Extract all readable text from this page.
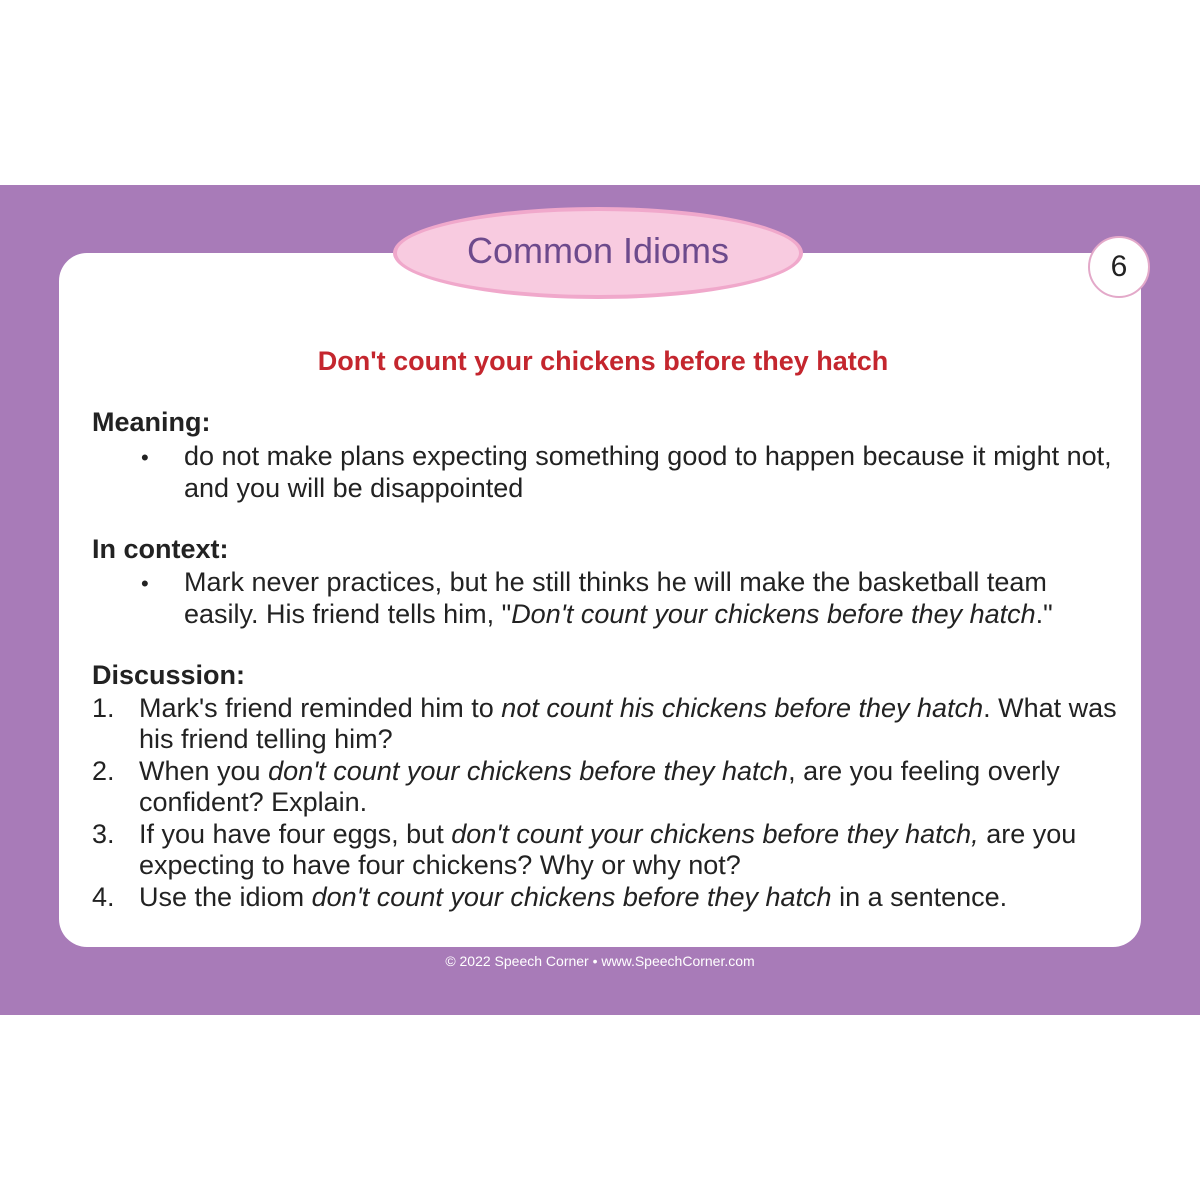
Common Idioms	6
Don't count your chickens before they hatch
Meaning:
• do not make plans expecting something good to happen because it might not, and you will be disappointed
In context:
• Mark never practices, but he still thinks he will make the basketball team easily. His friend tells him, "Don't count your chickens before they hatch."
Discussion:
1. Mark's friend reminded him to not count his chickens before they hatch. What was his friend telling him?
2. When you don't count your chickens before they hatch, are you feeling overly confident? Explain.
3. If you have four eggs, but don't count your chickens before they hatch, are you expecting to have four chickens? Why or why not?
4. Use the idiom don't count your chickens before they hatch in a sentence.
© 2022 Speech Corner • www.SpeechCorner.com
